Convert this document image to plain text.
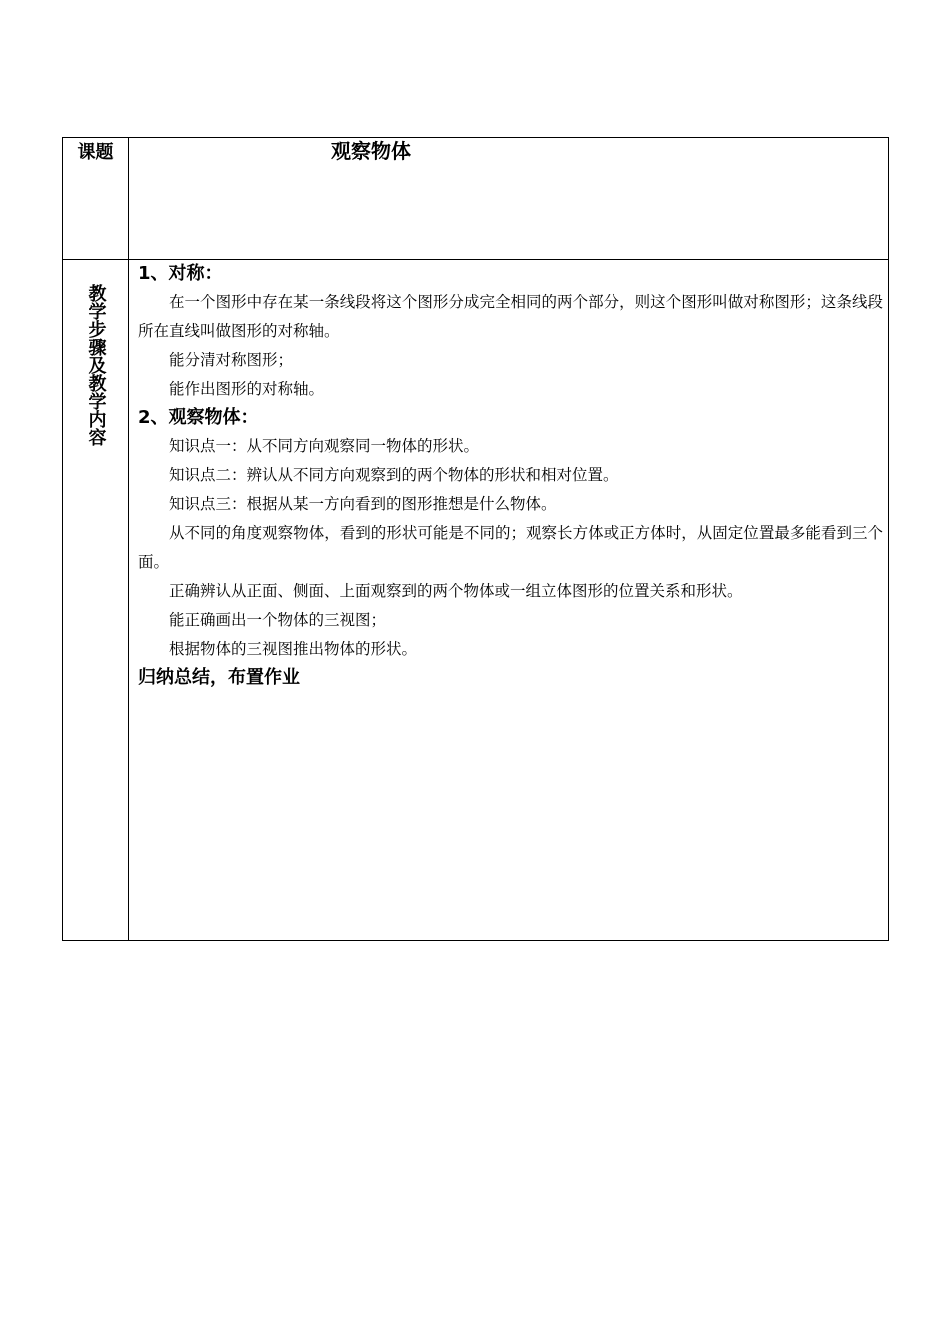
课题	观察物体
教学步骤及教学内容

1、对称：

在一个图形中存在某一条线段将这个图形分成完全相同的两个部分，则这个图形叫做对称图形；这条线段所在直线叫做图形的对称轴。

能分清对称图形；

能作出图形的对称轴。

2、观察物体：

知识点一：从不同方向观察同一物体的形状。

知识点二：辨认从不同方向观察到的两个物体的形状和相对位置。

知识点三：根据从某一方向看到的图形推想是什么物体。

从不同的角度观察物体，看到的形状可能是不同的；观察长方体或正方体时，从固定位置最多能看到三个面。

正确辨认从正面、侧面、上面观察到的两个物体或一组立体图形的位置关系和形状。

能正确画出一个物体的三视图；

根据物体的三视图推出物体的形状。

归纳总结，布置作业
